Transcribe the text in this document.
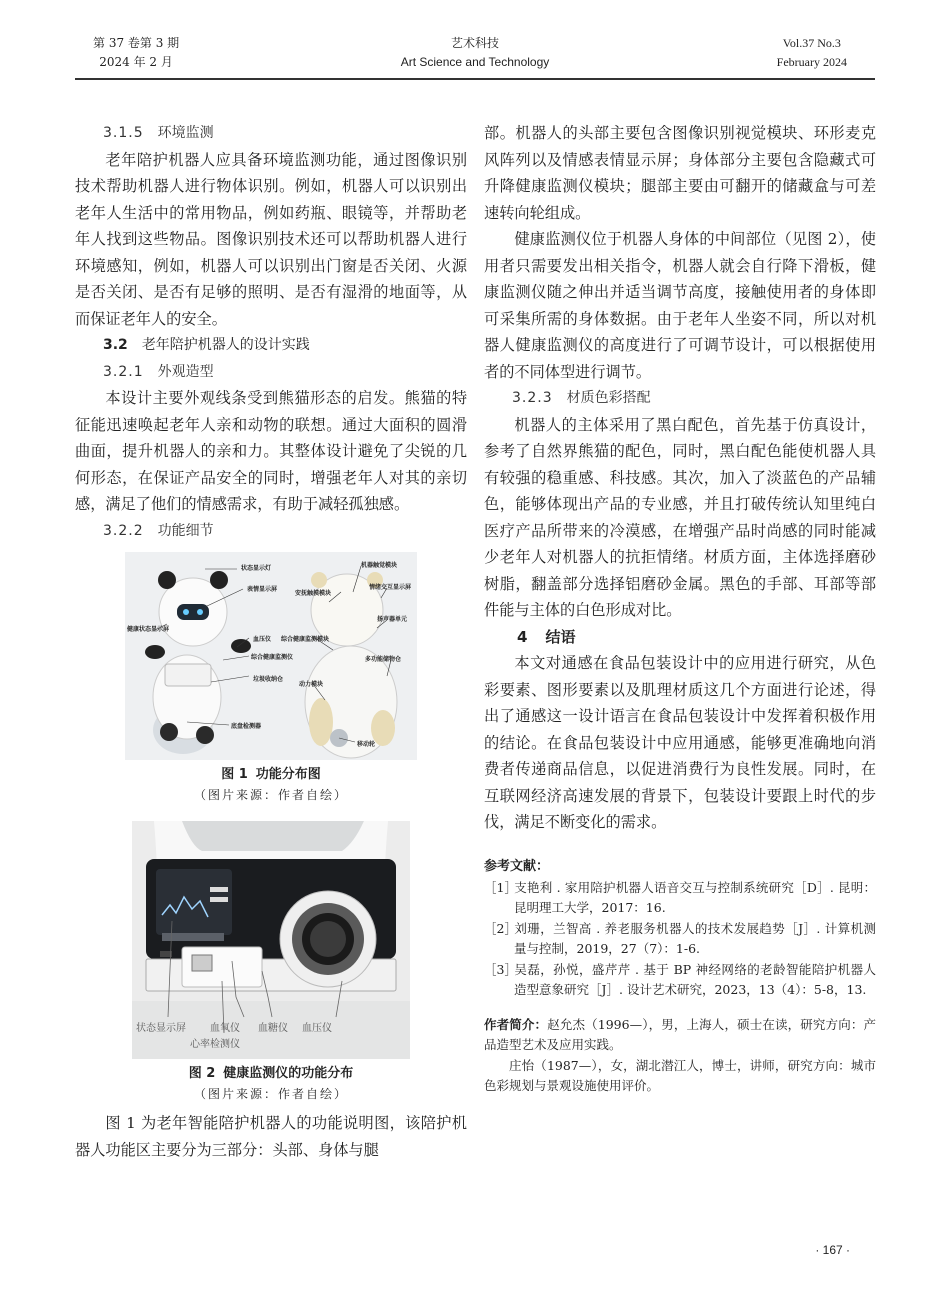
第 37 卷第 3 期
2024 年 2 月
艺术科技
Art Science and Technology
Vol.37 No.3
February 2024
3.1.5 环境监测

老年陪护机器人应具备环境监测功能，通过图像识别技术帮助机器人进行物体识别。例如，机器人可以识别出老年人生活中的常用物品，例如药瓶、眼镜等，并帮助老年人找到这些物品。图像识别技术还可以帮助机器人进行环境感知，例如，机器人可以识别出门窗是否关闭、火源是否关闭、是否有足够的照明、是否有湿滑的地面等，从而保证老年人的安全。

3.2 老年陪护机器人的设计实践
3.2.1 外观造型

本设计主要外观线条受到熊猫形态的启发。熊猫的特征能迅速唤起老年人亲和动物的联想。通过大面积的圆滑曲面，提升机器人的亲和力。其整体设计避免了尖锐的几何形态，在保证产品安全的同时，增强老年人对其的亲切感，满足了他们的情感需求，有助于减轻孤独感。

3.2.2 功能细节
状态显示灯
表情显示屏
健康状态显示屏
血压仪
综合健康监测仪
垃圾收纳仓
底盘检测器
机器触觉模块
安抚触摸模块
情绪交互显示屏
扬声器单元
综合健康监测模块
多功能储物仓
动力模块
移动轮
图 1 功能分布图
（图片来源：作者自绘）
状态显示屏 血氧仪 血糖仪 血压仪
心率检测仪
图 2 健康监测仪的功能分布
（图片来源：作者自绘）

图 1 为老年智能陪护机器人的功能说明图，该陪护机器人功能区主要分为三部分：头部、身体与腿

部。机器人的头部主要包含图像识别视觉模块、环形麦克风阵列以及情感表情显示屏；身体部分主要包含隐藏式可升降健康监测仪模块；腿部主要由可翻开的储藏盒与可差速转向轮组成。

健康监测仪位于机器人身体的中间部位（见图 2），使用者只需要发出相关指令，机器人就会自行降下滑板，健康监测仪随之伸出并适当调节高度，接触使用者的身体即可采集所需的身体数据。由于老年人坐姿不同，所以对机器人健康监测仪的高度进行了可调节设计，可以根据使用者的不同体型进行调节。

3.2.3 材质色彩搭配

机器人的主体采用了黑白配色，首先基于仿真设计，参考了自然界熊猫的配色，同时，黑白配色能使机器人具有较强的稳重感、科技感。其次，加入了淡蓝色的产品辅色，能够体现出产品的专业感，并且打破传统认知里纯白医疗产品所带来的冷漠感，在增强产品时尚感的同时能减少老年人对机器人的抗拒情绪。材质方面，主体选择磨砂树脂，翻盖部分选择铝磨砂金属。黑色的手部、耳部等部件能与主体的白色形成对比。

4 结语

本文对通感在食品包装设计中的应用进行研究，从色彩要素、图形要素以及肌理材质这几个方面进行论述，得出了通感这一设计语言在食品包装设计中发挥着积极作用的结论。在食品包装设计中应用通感，能够更准确地向消费者传递商品信息，以促进消费行为良性发展。同时，在互联网经济高速发展的背景下，包装设计要跟上时代的步伐，满足不断变化的需求。

参考文献：
［1］支艳利 . 家用陪护机器人语音交互与控制系统研究［D］. 昆明：昆明理工大学，2017：16.
［2］刘珊，兰智高 . 养老服务机器人的技术发展趋势［J］. 计算机测量与控制，2019，27（7）：1-6.
［3］吴磊，孙悦，盛芹芹 . 基于 BP 神经网络的老龄智能陪护机器人造型意象研究［J］. 设计艺术研究，2023，13（4）：5-8，13.
作者简介：赵允杰（1996—），男，上海人，硕士在读，研究方向：产品造型艺术及应用实践。
庄怡（1987—），女，湖北潜江人，博士，讲师，研究方向：城市色彩规划与景观设施使用评价。
· 167 ·
